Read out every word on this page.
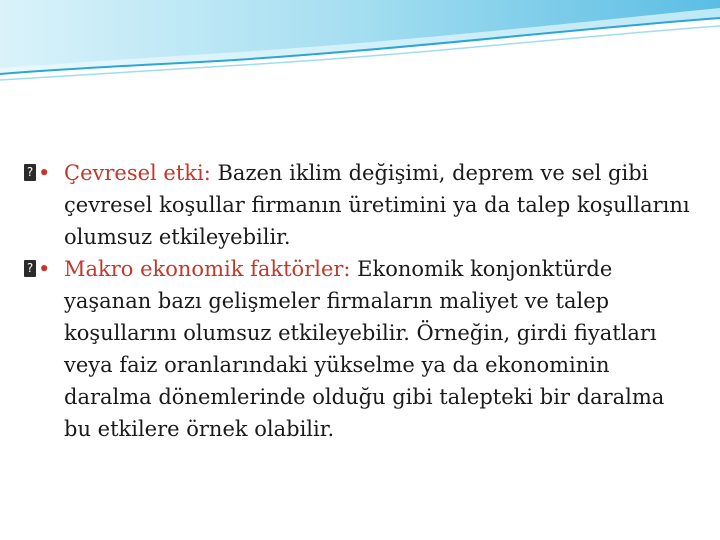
? • Çevresel etki: Bazen iklim değişimi, deprem ve sel gibi çevresel koşullar firmanın üretimini ya da talep koşullarını olumsuz etkileyebilir.

? • Makro ekonomik faktörler: Ekonomik konjonktürde yaşanan bazı gelişmeler firmaların maliyet ve talep koşullarını olumsuz etkileyebilir. Örneğin, girdi fiyatları veya faiz oranlarındaki yükselme ya da ekonominin daralma dönemlerinde olduğu gibi talepteki bir daralma bu etkilere örnek olabilir.
